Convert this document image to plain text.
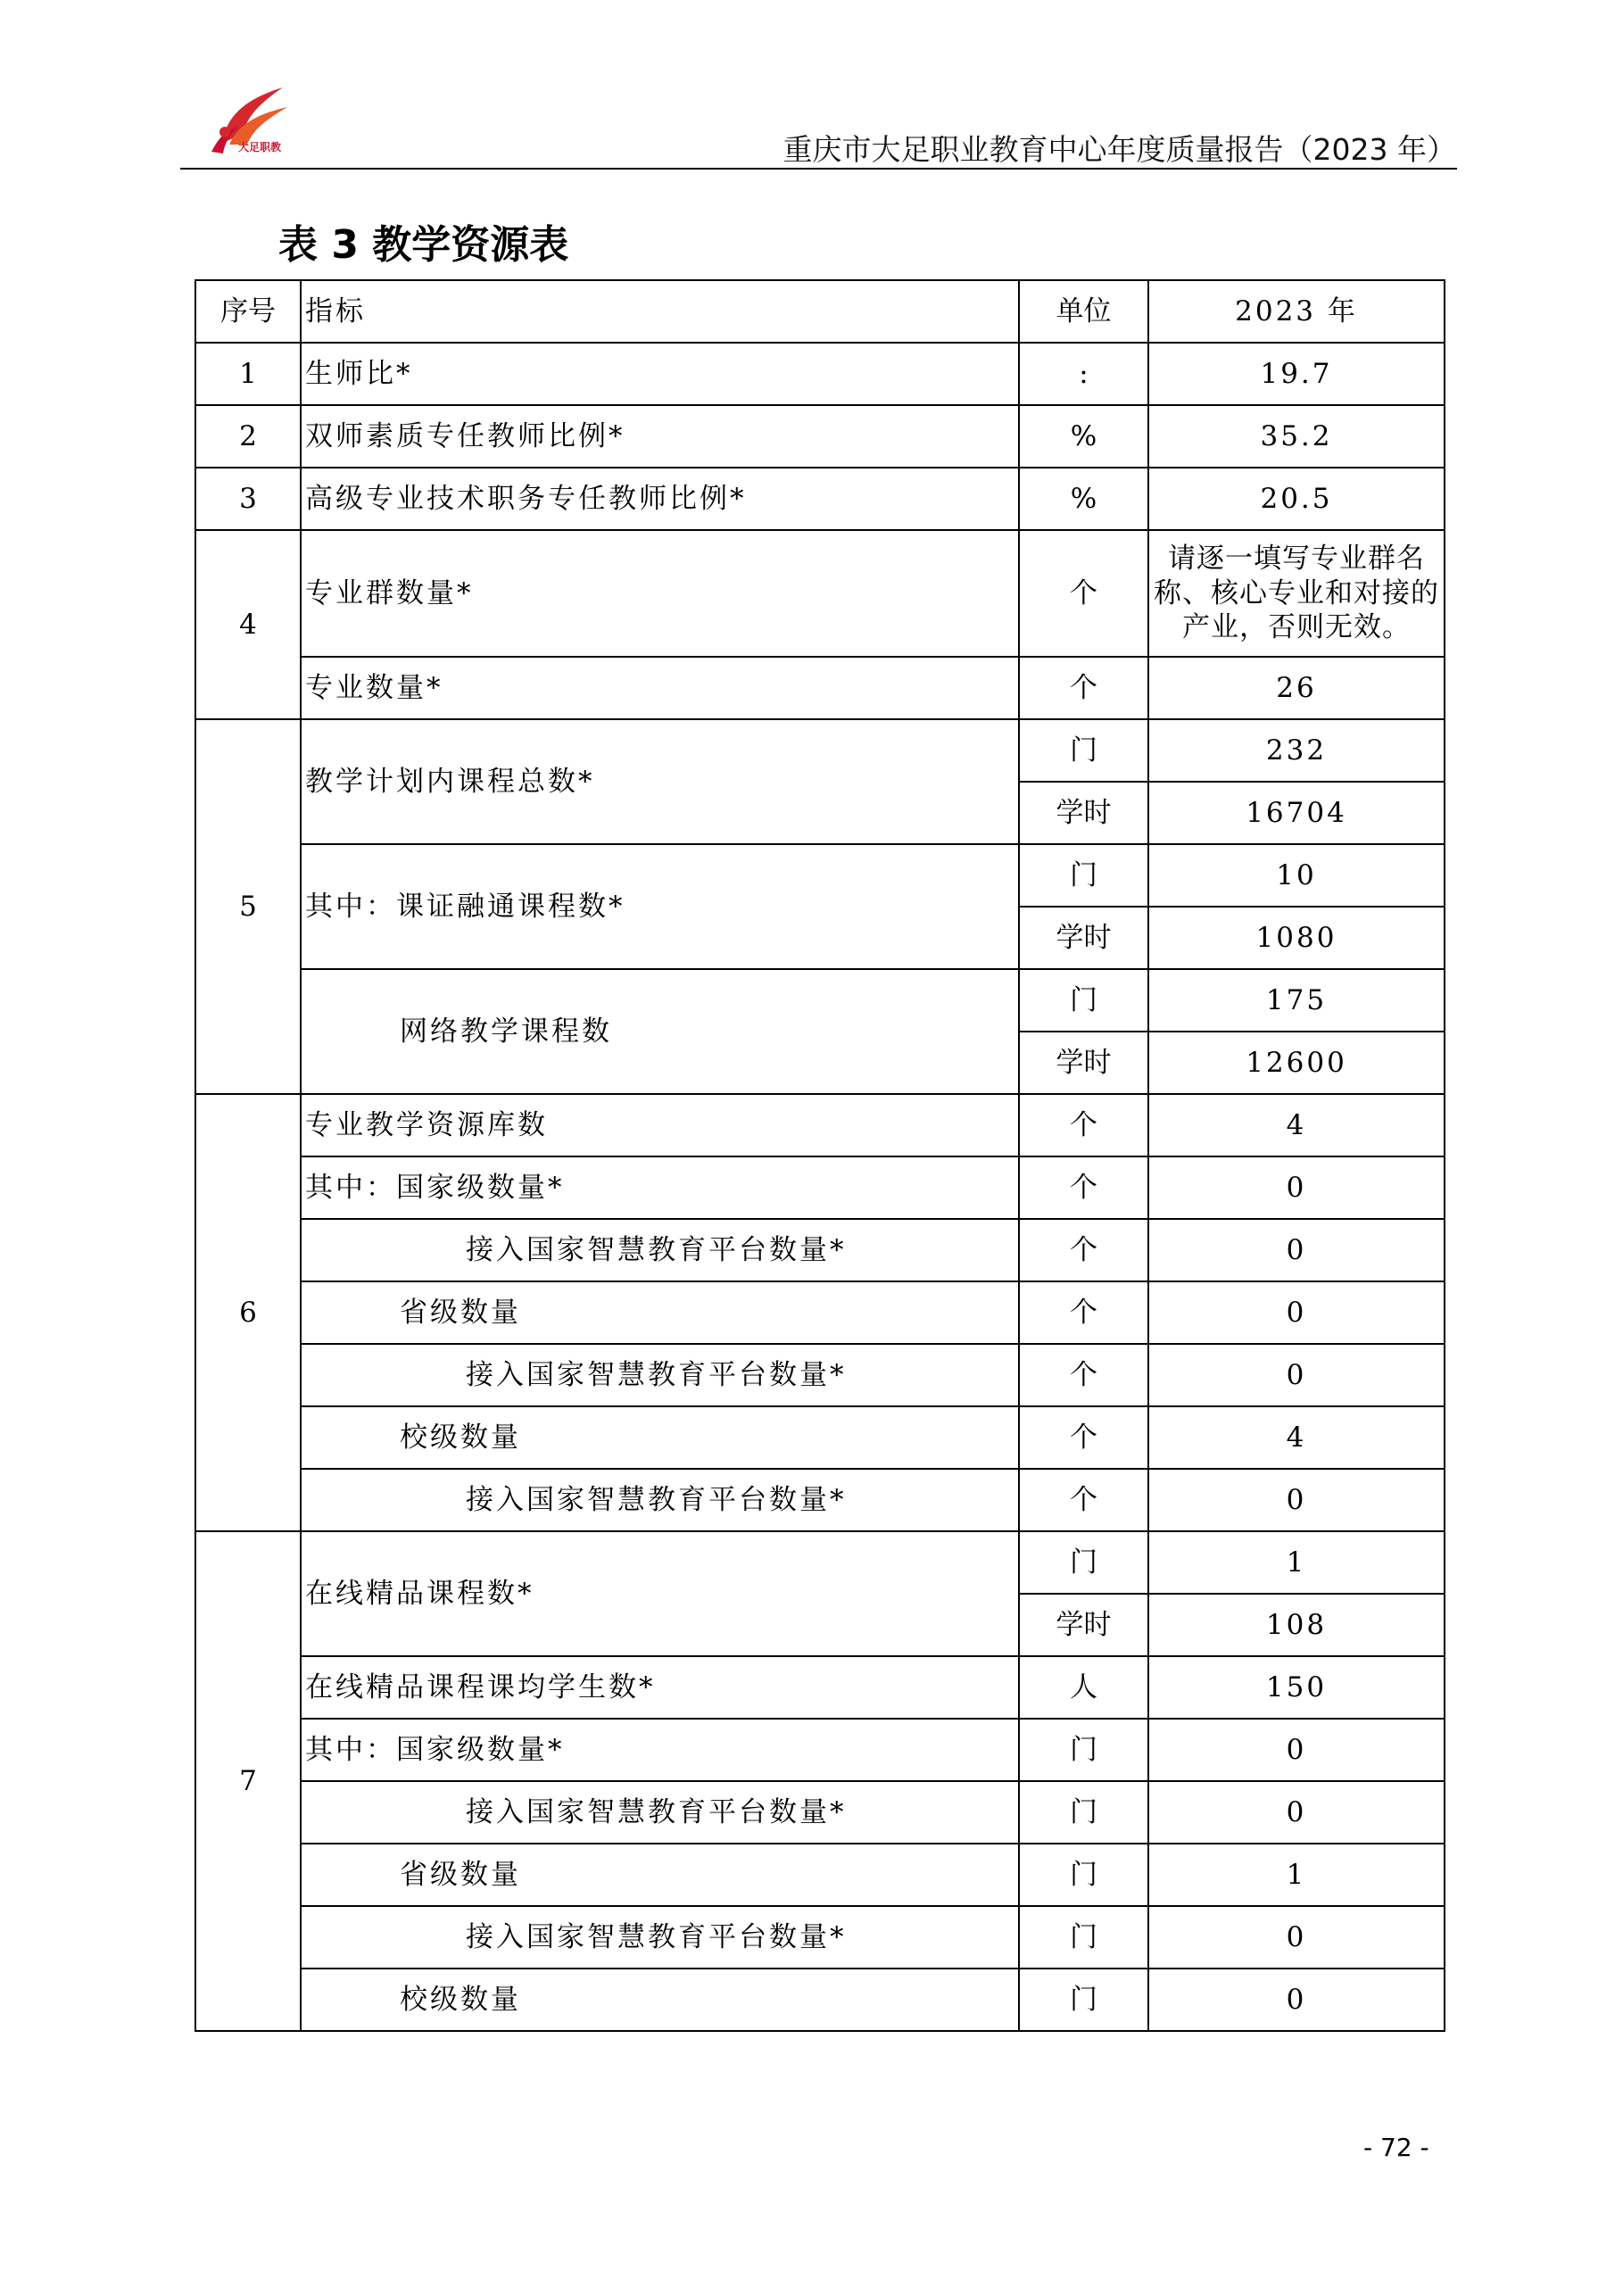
大足职教	重庆市大足职业教育中心年度质量报告（2023 年）
表 3 教学资源表
序号	指标	单位	2023 年
1	生师比*	:	19.7
2	双师素质专任教师比例*	%	35.2
3	高级专业技术职务专任教师比例*	%	20.5
4	专业群数量*	个	请逐一填写专业群名称、核心专业和对接的产业，否则无效。
	专业数量*	个	26
5	教学计划内课程总数*	门	232
		学时	16704
	其中：课证融通课程数*	门	10
		学时	1080
	网络教学课程数	门	175
		学时	12600
6	专业教学资源库数	个	4
	其中：国家级数量*	个	0
	接入国家智慧教育平台数量*	个	0
	省级数量	个	0
	接入国家智慧教育平台数量*	个	0
	校级数量	个	4
	接入国家智慧教育平台数量*	个	0
7	在线精品课程数*	门	1
		学时	108
	在线精品课程课均学生数*	人	150
	其中：国家级数量*	门	0
	接入国家智慧教育平台数量*	门	0
	省级数量	门	1
	接入国家智慧教育平台数量*	门	0
	校级数量	门	0
- 72 -
